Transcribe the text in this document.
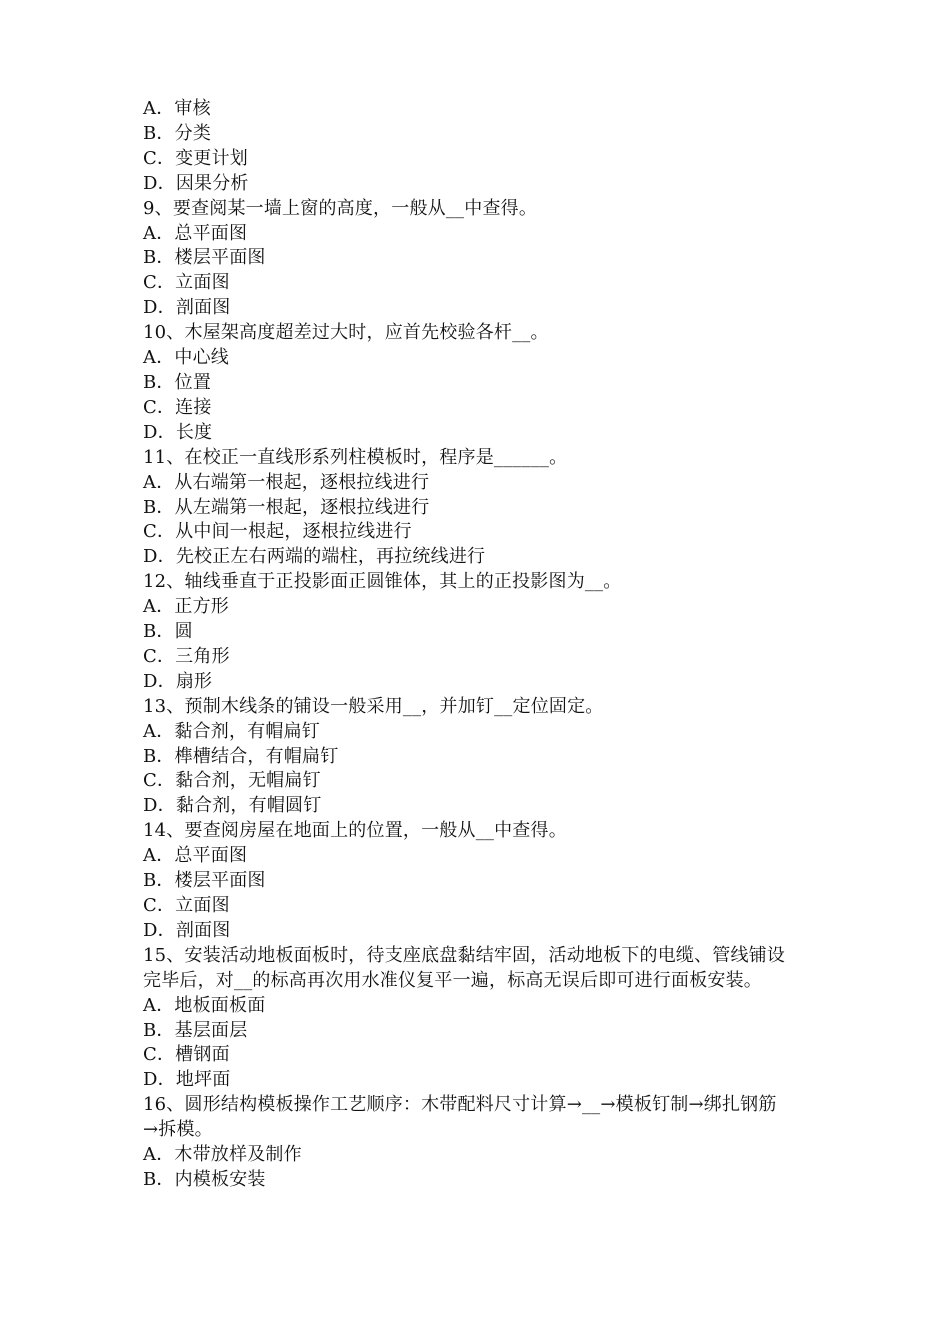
A．审核

B．分类

C．变更计划

D．因果分析

9、要查阅某一墙上窗的高度，一般从__中查得。

A．总平面图

B．楼层平面图

C．立面图

D．剖面图

10、木屋架高度超差过大时，应首先校验各杆__。

A．中心线

B．位置

C．连接

D．长度

11、在校正一直线形系列柱模板时，程序是______。

A．从右端第一根起，逐根拉线进行

B．从左端第一根起，逐根拉线进行

C．从中间一根起，逐根拉线进行

D．先校正左右两端的端柱，再拉统线进行

12、轴线垂直于正投影面正圆锥体，其上的正投影图为__。

A．正方形

B．圆

C．三角形

D．扇形

13、预制木线条的铺设一般采用__，并加钉__定位固定。

A．黏合剂，有帽扁钉

B．榫槽结合，有帽扁钉

C．黏合剂，无帽扁钉

D．黏合剂，有帽圆钉

14、要查阅房屋在地面上的位置，一般从__中查得。

A．总平面图

B．楼层平面图

C．立面图

D．剖面图

15、安装活动地板面板时，待支座底盘黏结牢固，活动地板下的电缆、管线铺设

完毕后，对__的标高再次用水准仪复平一遍，标高无误后即可进行面板安装。

A．地板面板面

B．基层面层

C．槽钢面

D．地坪面

16、圆形结构模板操作工艺顺序：木带配料尺寸计算→__→模板钉制→绑扎钢筋

→拆模。

A．木带放样及制作

B．内模板安装
